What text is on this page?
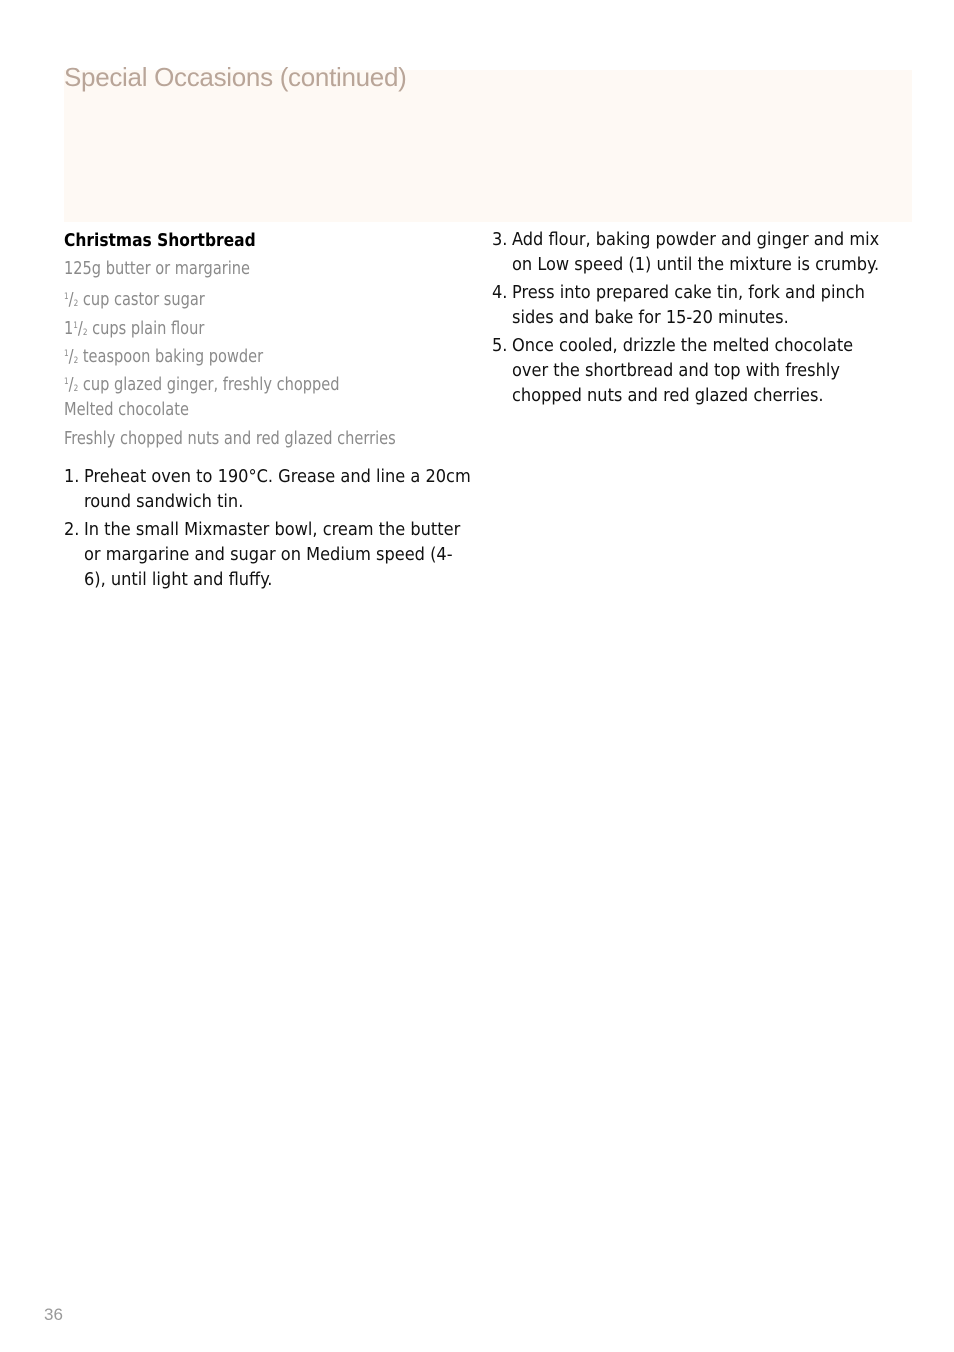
Special Occasions (continued)
Christmas Shortbread
125g butter or margarine
$^1/_2$ cup castor sugar
$1^1/_2$ cups plain flour
$^1/_2$ teaspoon baking powder
$^1/_2$ cup glazed ginger, freshly chopped
Melted chocolate
Freshly chopped nuts and red glazed cherries
1. Preheat oven to 190°C. Grease and line a 20cm round sandwich tin.
2. In the small Mixmaster bowl, cream the butter or margarine and sugar on Medium speed (4-6), until light and fluffy.
3. Add flour, baking powder and ginger and mix on Low speed (1) until the mixture is crumby.
4. Press into prepared cake tin, fork and pinch sides and bake for 15-20 minutes.
5. Once cooled, drizzle the melted chocolate over the shortbread and top with freshly chopped nuts and red glazed cherries.
36
